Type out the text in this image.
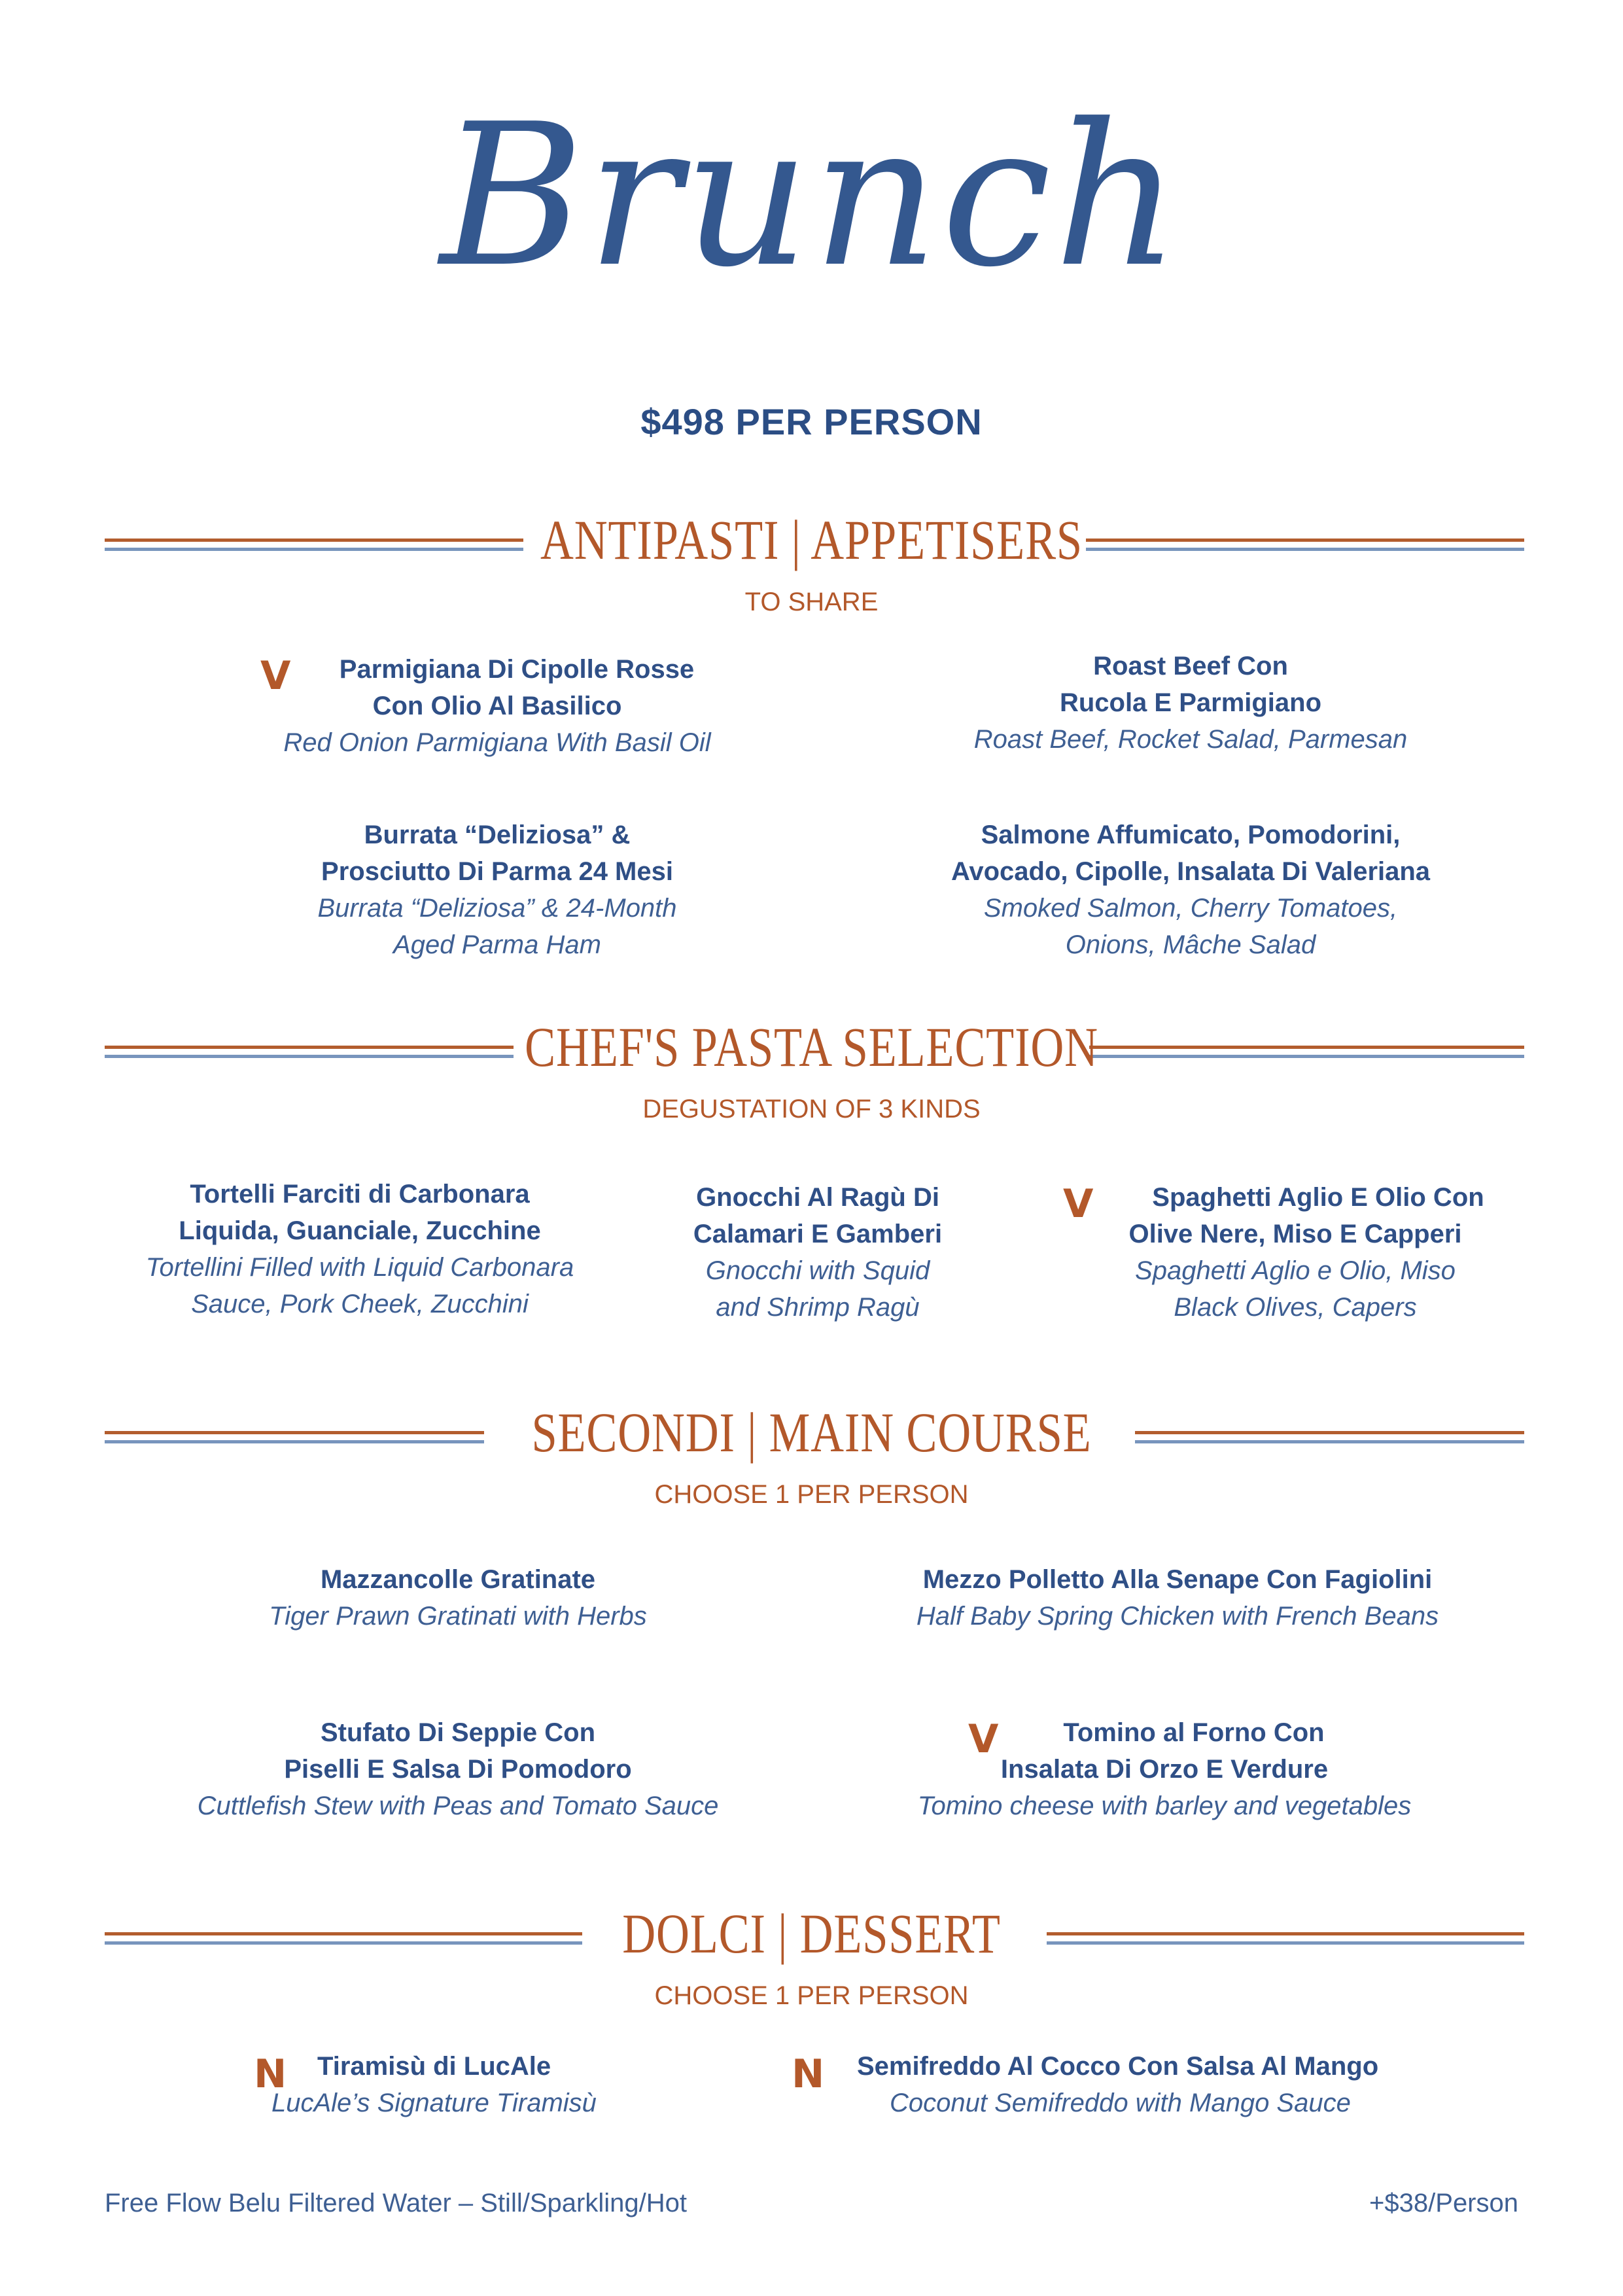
Brunch
$498 PER PERSON
ANTIPASTI | APPETISERS
TO SHARE
V	Parmigiana Di Cipolle Rosse
Con Olio Al Basilico
Red Onion Parmigiana With Basil Oil
Roast Beef Con
Rucola E Parmigiano
Roast Beef, Rocket Salad, Parmesan
Burrata “Deliziosa” &
Prosciutto Di Parma 24 Mesi
Burrata “Deliziosa” & 24-Month
Aged Parma Ham
Salmone Affumicato, Pomodorini,
Avocado, Cipolle, Insalata Di Valeriana
Smoked Salmon, Cherry Tomatoes,
Onions, Mâche Salad
CHEF'S PASTA SELECTION
DEGUSTATION OF 3 KINDS
Tortelli Farciti di Carbonara
Liquida, Guanciale, Zucchine
Tortellini Filled with Liquid Carbonara
Sauce, Pork Cheek, Zucchini
Gnocchi Al Ragù Di
Calamari E Gamberi
Gnocchi with Squid
and Shrimp Ragù
V	Spaghetti Aglio E Olio Con
Olive Nere, Miso E Capperi
Spaghetti Aglio e Olio, Miso
Black Olives, Capers
SECONDI | MAIN COURSE
CHOOSE 1 PER PERSON
Mazzancolle Gratinate
Tiger Prawn Gratinati with Herbs
Mezzo Polletto Alla Senape Con Fagiolini
Half Baby Spring Chicken with French Beans
Stufato Di Seppie Con
Piselli E Salsa Di Pomodoro
Cuttlefish Stew with Peas and Tomato Sauce
V	Tomino al Forno Con
Insalata Di Orzo E Verdure
Tomino cheese with barley and vegetables
DOLCI | DESSERT
CHOOSE 1 PER PERSON
N	Tiramisù di LucAle
LucAle’s Signature Tiramisù
N	Semifreddo Al Cocco Con Salsa Al Mango
Coconut Semifreddo with Mango Sauce
Free Flow Belu Filtered Water – Still/Sparkling/Hot	+$38/Person
